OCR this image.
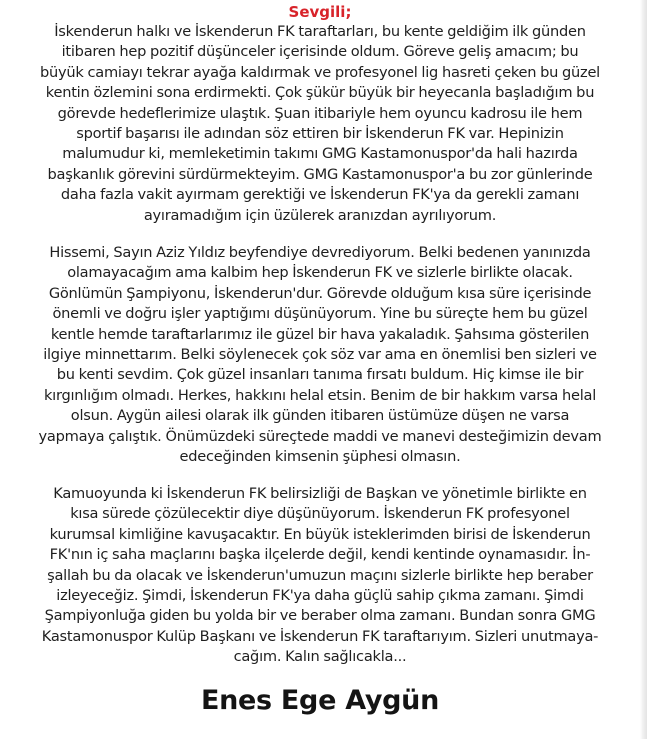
Sevgili;
İskenderun halkı ve İskenderun FK taraftarları, bu kente geldiğim ilk günden
itibaren hep pozitif düşünceler içerisinde oldum. Göreve geliş amacım; bu
büyük camiayı tekrar ayağa kaldırmak ve profesyonel lig hasreti çeken bu güzel
kentin özlemini sona erdirmekti. Çok şükür büyük bir heyecanla başladığım bu
görevde hedeflerimize ulaştık. Şuan itibariyle hem oyuncu kadrosu ile hem
sportif başarısı ile adından söz ettiren bir İskenderun FK var. Hepinizin
malumudur ki, memleketimin takımı GMG Kastamonuspor'da hali hazırda
başkanlık görevini sürdürmekteyim. GMG Kastamonuspor'a bu zor günlerinde
daha fazla vakit ayırmam gerektiği ve İskenderun FK'ya da gerekli zamanı
ayıramadığım için üzülerek aranızdan ayrılıyorum.
Hissemi, Sayın Aziz Yıldız beyfendiye devrediyorum. Belki bedenen yanınızda
olamayacağım ama kalbim hep İskenderun FK ve sizlerle birlikte olacak.
Gönlümün Şampiyonu, İskenderun'dur. Görevde olduğum kısa süre içerisinde
önemli ve doğru işler yaptığımı düşünüyorum. Yine bu süreçte hem bu güzel
kentle hemde taraftarlarımız ile güzel bir hava yakaladık. Şahsıma gösterilen
ilgiye minnettarım. Belki söylenecek çok söz var ama en önemlisi ben sizleri ve
bu kenti sevdim. Çok güzel insanları tanıma fırsatı buldum. Hiç kimse ile bir
kırgınlığım olmadı. Herkes, hakkını helal etsin. Benim de bir hakkım varsa helal
olsun. Aygün ailesi olarak ilk günden itibaren üstümüze düşen ne varsa
yapmaya çalıştık. Önümüzdeki süreçtede maddi ve manevi desteğimizin devam
edeceğinden kimsenin şüphesi olmasın.
Kamuoyunda ki İskenderun FK belirsizliği de Başkan ve yönetimle birlikte en
kısa sürede çözülecektir diye düşünüyorum. İskenderun FK profesyonel
kurumsal kimliğine kavuşacaktır. En büyük isteklerimden birisi de İskenderun
FK'nın iç saha maçlarını başka ilçelerde değil, kendi kentinde oynamasıdır. İn-
şallah bu da olacak ve İskenderun'umuzun maçını sizlerle birlikte hep beraber
izleyeceğiz. Şimdi, İskenderun FK'ya daha güçlü sahip çıkma zamanı. Şimdi
Şampiyonluğa giden bu yolda bir ve beraber olma zamanı. Bundan sonra GMG
Kastamonuspor Kulüp Başkanı ve İskenderun FK taraftarıyım. Sizleri unutmaya-
cağım. Kalın sağlıcakla...
Enes Ege Aygün
